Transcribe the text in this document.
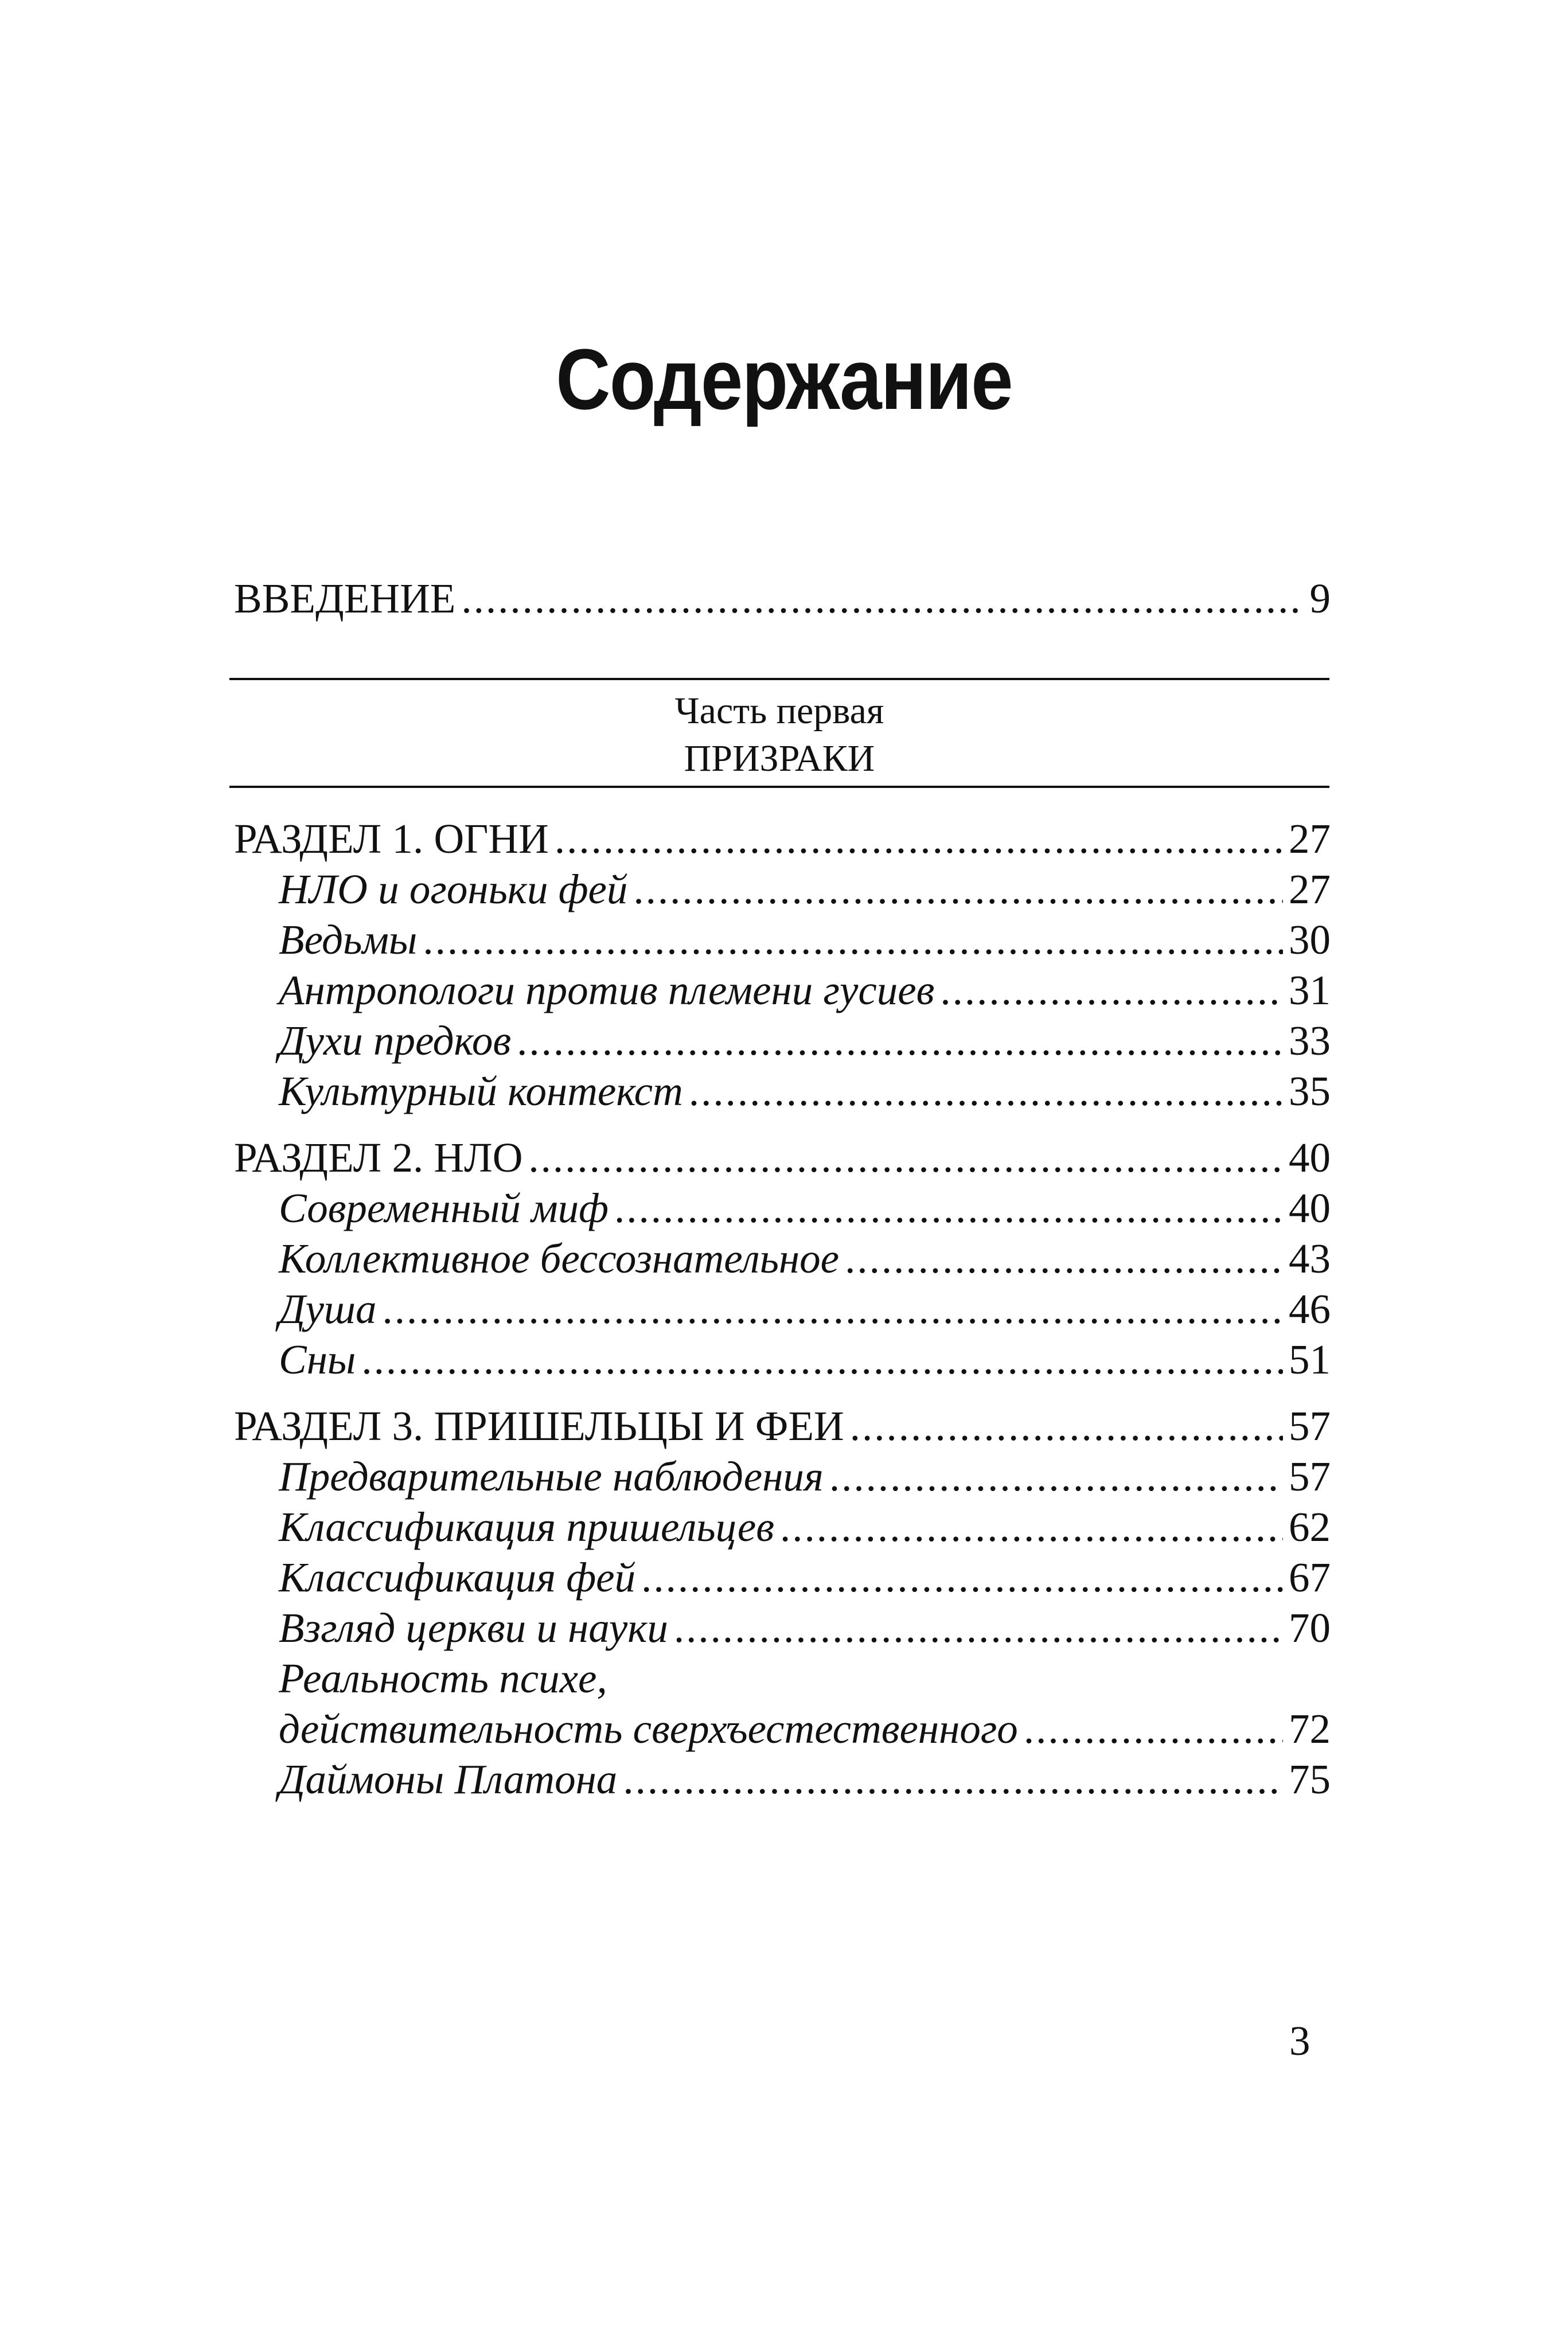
Содержание
ВВЕДЕНИЕ .....	9
Часть первая
ПРИЗРАКИ
РАЗДЕЛ 1. ОГНИ .....	27
НЛО и огоньки фей .....	27
Ведьмы .....	30
Антропологи против племени гусиев .....	31
Духи предков .....	33
Культурный контекст .....	35
РАЗДЕЛ 2. НЛО .....	40
Современный миф .....	40
Коллективное бессознательное .....	43
Душа .....	46
Сны .....	51
РАЗДЕЛ 3. ПРИШЕЛЬЦЫ И ФЕИ .....	57
Предварительные наблюдения .....	57
Классификация пришельцев .....	62
Классификация фей .....	67
Взгляд церкви и науки .....	70
Реальность психе,
действительность сверхъестественного .....	72
Даймоны Платона .....	75
3
